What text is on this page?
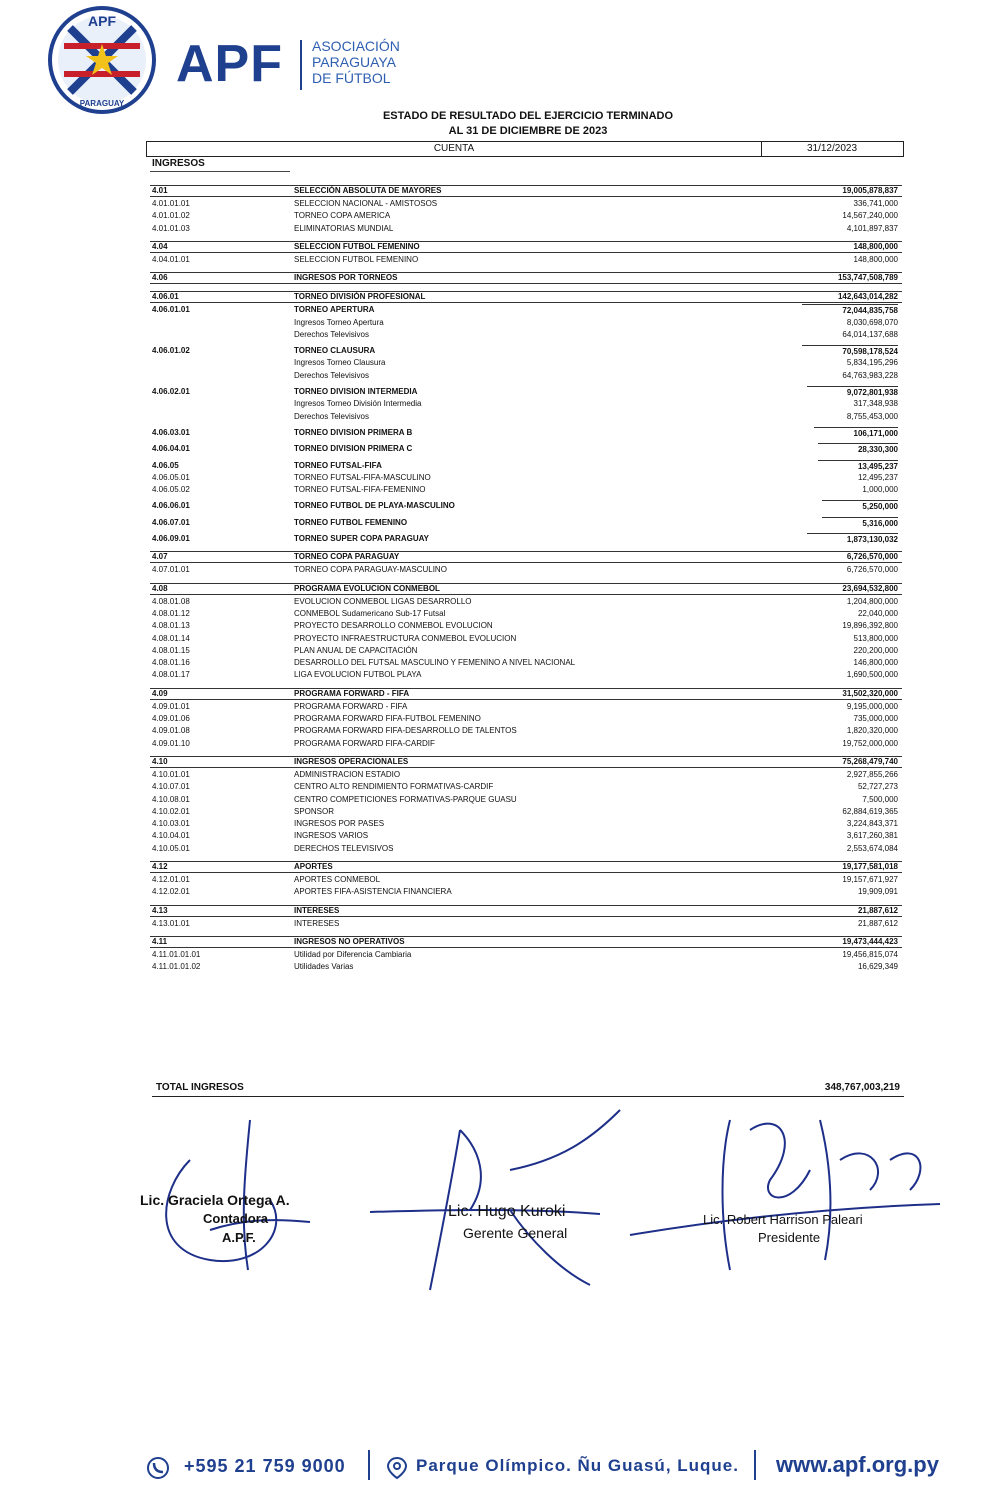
APF
PARAGUAY
APF ASOCIACIÓN
PARAGUAYA
DE FÚTBOL
ESTADO DE RESULTADO DEL EJERCICIO TERMINADO
AL 31 DE DICIEMBRE DE 2023
CUENTA	31/12/2023
INGRESOS
4.01	SELECCIÓN ABSOLUTA DE MAYORES	19,005,878,837
4.01.01.01	SELECCION NACIONAL - AMISTOSOS	336,741,000
4.01.01.02	TORNEO COPA AMERICA	14,567,240,000
4.01.01.03	ELIMINATORIAS MUNDIAL	4,101,897,837
4.04	SELECCION FUTBOL FEMENINO	148,800,000
4.04.01.01	SELECCION FUTBOL FEMENINO	148,800,000
4.06	INGRESOS POR TORNEOS	153,747,508,789
4.06.01	TORNEO DIVISIÓN PROFESIONAL	142,643,014,282
4.06.01.01	TORNEO APERTURA	72,044,835,758
Ingresos Torneo Apertura	8,030,698,070
Derechos Televisivos	64,014,137,688
4.06.01.02	TORNEO CLAUSURA	70,598,178,524
Ingresos Torneo Clausura	5,834,195,296
Derechos Televisivos	64,763,983,228
4.06.02.01	TORNEO DIVISION INTERMEDIA	9,072,801,938
Ingresos Torneo División Intermedia	317,348,938
Derechos Televisivos	8,755,453,000
4.06.03.01	TORNEO DIVISION PRIMERA B	106,171,000
4.06.04.01	TORNEO DIVISION PRIMERA C	28,330,300
4.06.05	TORNEO FUTSAL-FIFA	13,495,237
4.06.05.01	TORNEO FUTSAL-FIFA-MASCULINO	12,495,237
4.06.05.02	TORNEO FUTSAL-FIFA-FEMENINO	1,000,000
4.06.06.01	TORNEO FUTBOL DE PLAYA-MASCULINO	5,250,000
4.06.07.01	TORNEO FUTBOL FEMENINO	5,316,000
4.06.09.01	TORNEO SUPER COPA PARAGUAY	1,873,130,032
4.07	TORNEO COPA PARAGUAY	6,726,570,000
4.07.01.01	TORNEO COPA PARAGUAY-MASCULINO	6,726,570,000
4.08	PROGRAMA EVOLUCION CONMEBOL	23,694,532,800
4.08.01.08	EVOLUCION CONMEBOL LIGAS DESARROLLO	1,204,800,000
4.08.01.12	CONMEBOL Sudamericano Sub-17 Futsal	22,040,000
4.08.01.13	PROYECTO DESARROLLO CONMEBOL EVOLUCION	19,896,392,800
4.08.01.14	PROYECTO INFRAESTRUCTURA CONMEBOL EVOLUCION	513,800,000
4.08.01.15	PLAN ANUAL DE CAPACITACIÓN	220,200,000
4.08.01.16	DESARROLLO DEL FUTSAL MASCULINO Y FEMENINO A NIVEL NACIONAL	146,800,000
4.08.01.17	LIGA EVOLUCION FUTBOL PLAYA	1,690,500,000
4.09	PROGRAMA FORWARD - FIFA	31,502,320,000
4.09.01.01	PROGRAMA FORWARD - FIFA	9,195,000,000
4.09.01.06	PROGRAMA FORWARD FIFA-FUTBOL FEMENINO	735,000,000
4.09.01.08	PROGRAMA FORWARD FIFA-DESARROLLO DE TALENTOS	1,820,320,000
4.09.01.10	PROGRAMA FORWARD FIFA-CARDIF	19,752,000,000
4.10	INGRESOS OPERACIONALES	75,268,479,740
4.10.01.01	ADMINISTRACION ESTADIO	2,927,855,266
4.10.07.01	CENTRO ALTO RENDIMIENTO FORMATIVAS-CARDIF	52,727,273
4.10.08.01	CENTRO COMPETICIONES FORMATIVAS-PARQUE GUASU	7,500,000
4.10.02.01	SPONSOR	62,884,619,365
4.10.03.01	INGRESOS POR PASES	3,224,843,371
4.10.04.01	INGRESOS VARIOS	3,617,260,381
4.10.05.01	DERECHOS TELEVISIVOS	2,553,674,084
4.12	APORTES	19,177,581,018
4.12.01.01	APORTES CONMEBOL	19,157,671,927
4.12.02.01	APORTES FIFA-ASISTENCIA FINANCIERA	19,909,091
4.13	INTERESES	21,887,612
4.13.01.01	INTERESES	21,887,612
4.11	INGRESOS NO OPERATIVOS	19,473,444,423
4.11.01.01.01	Utilidad por Diferencia Cambiaria	19,456,815,074
4.11.01.01.02	Utilidades Varias	16,629,349
TOTAL INGRESOS	348,767,003,219
Lic. Graciela Ortega A.
Contadora
A.P.F.
Lic. Hugo Kuroki
Gerente General
Lic. Robert Harrison Paleari
Presidente
+595 21 759 9000	Parque Olímpico. Ñu Guasú, Luque. www.apf.org.py
